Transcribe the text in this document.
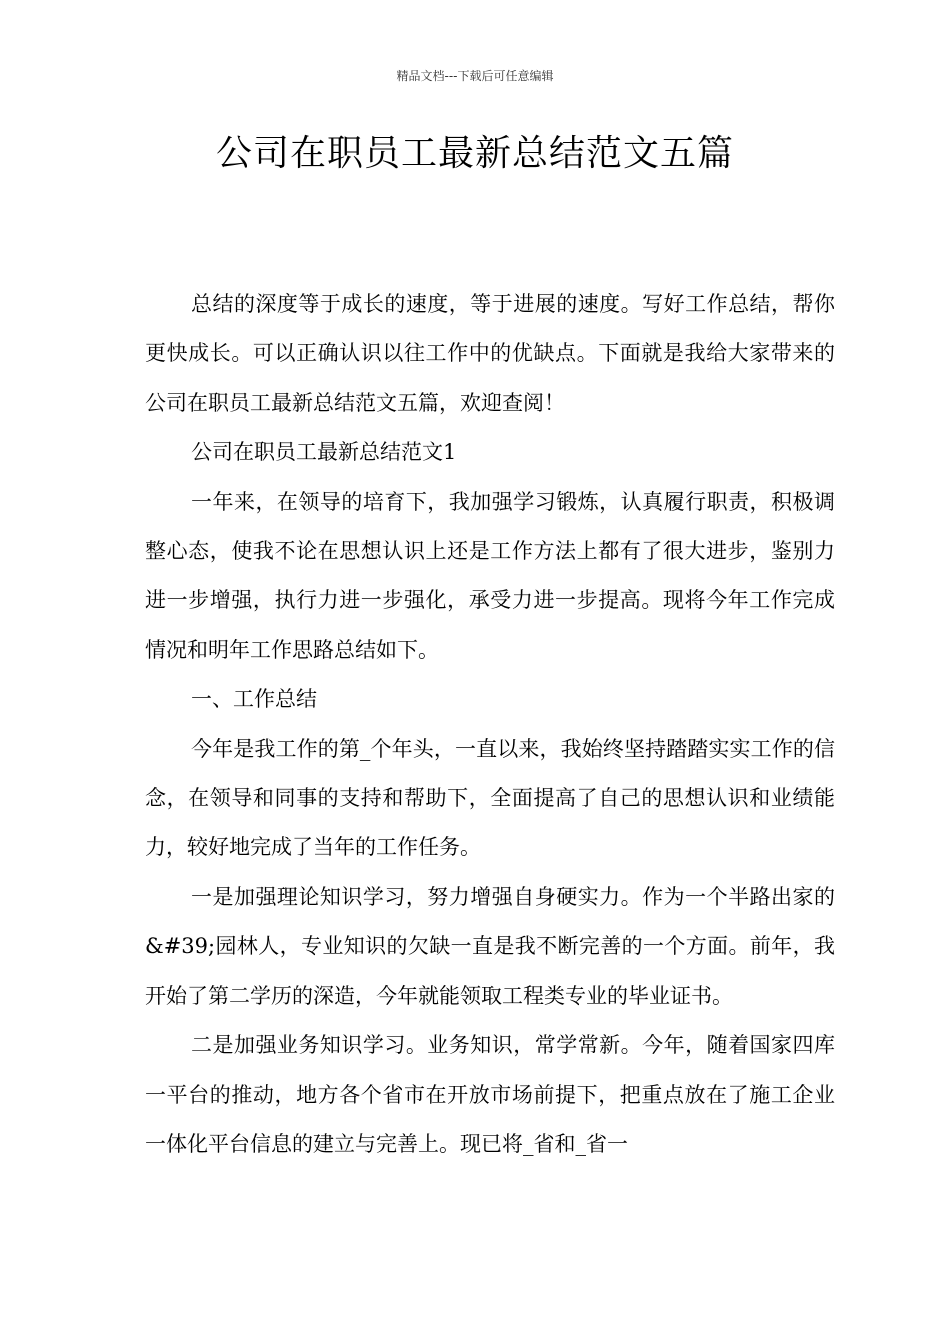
精品文档---下载后可任意编辑
公司在职员工最新总结范文五篇

总结的深度等于成长的速度，等于进展的速度。写好工作总结，帮你更快成长。可以正确认识以往工作中的优缺点。下面就是我给大家带来的公司在职员工最新总结范文五篇，欢迎查阅！

公司在职员工最新总结范文1

一年来，在领导的培育下，我加强学习锻炼，认真履行职责，积极调整心态，使我不论在思想认识上还是工作方法上都有了很大进步，鉴别力进一步增强，执行力进一步强化，承受力进一步提高。现将今年工作完成情况和明年工作思路总结如下。

一、工作总结

今年是我工作的第_个年头，一直以来，我始终坚持踏踏实实工作的信念，在领导和同事的支持和帮助下，全面提高了自己的思想认识和业绩能力，较好地完成了当年的工作任务。

一是加强理论知识学习，努力增强自身硬实力。作为一个半路出家的&#39;园林人，专业知识的欠缺一直是我不断完善的一个方面。前年，我开始了第二学历的深造，今年就能领取工程类专业的毕业证书。

二是加强业务知识学习。业务知识，常学常新。今年，随着国家四库一平台的推动，地方各个省市在开放市场前提下，把重点放在了施工企业一体化平台信息的建立与完善上。现已将_省和_省一
